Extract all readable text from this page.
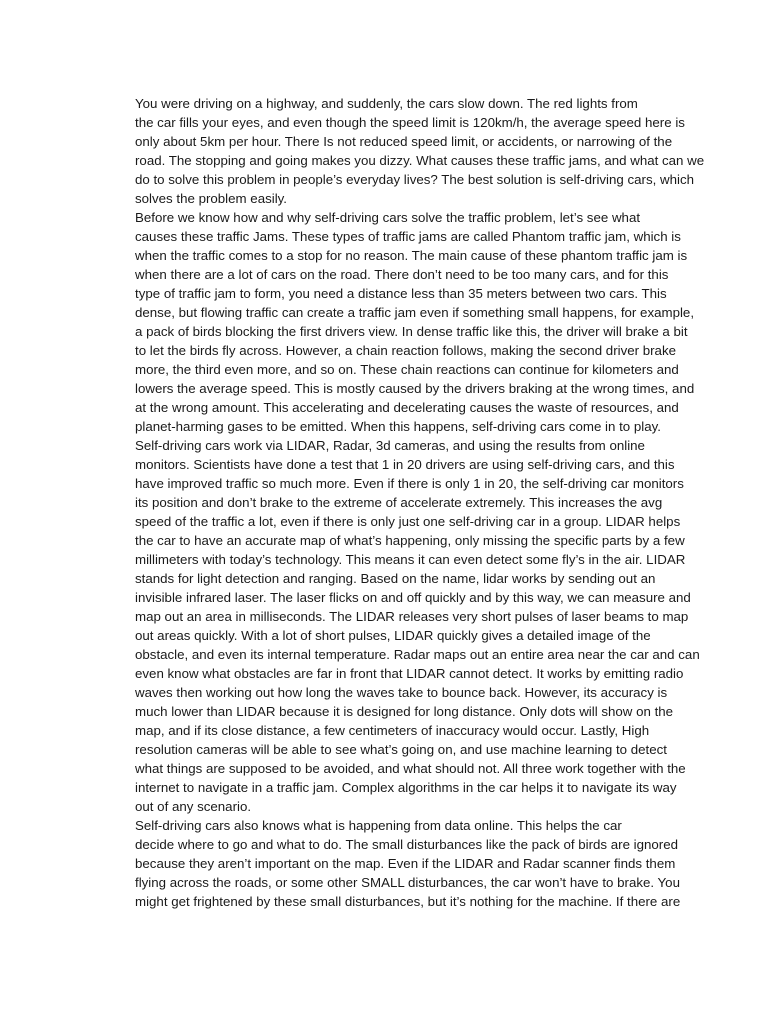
You were driving on a highway, and suddenly, the cars slow down. The red lights from
the car fills your eyes, and even though the speed limit is 120km/h, the average speed here is
only about 5km per hour. There Is not reduced speed limit, or accidents, or narrowing of the
road. The stopping and going makes you dizzy. What causes these traffic jams, and what can we
do to solve this problem in people’s everyday lives? The best solution is self-driving cars, which
solves the problem easily.

Before we know how and why self-driving cars solve the traffic problem, let’s see what
causes these traffic Jams. These types of traffic jams are called Phantom traffic jam, which is
when the traffic comes to a stop for no reason. The main cause of these phantom traffic jam is
when there are a lot of cars on the road. There don’t need to be too many cars, and for this
type of traffic jam to form, you need a distance less than 35 meters between two cars. This
dense, but flowing traffic can create a traffic jam even if something small happens, for example,
a pack of birds blocking the first drivers view. In dense traffic like this, the driver will brake a bit
to let the birds fly across. However, a chain reaction follows, making the second driver brake
more, the third even more, and so on. These chain reactions can continue for kilometers and
lowers the average speed. This is mostly caused by the drivers braking at the wrong times, and
at the wrong amount. This accelerating and decelerating causes the waste of resources, and
planet-harming gases to be emitted. When this happens, self-driving cars come in to play.

Self-driving cars work via LIDAR, Radar, 3d cameras, and using the results from online
monitors. Scientists have done a test that 1 in 20 drivers are using self-driving cars, and this
have improved traffic so much more. Even if there is only 1 in 20, the self-driving car monitors
its position and don’t brake to the extreme of accelerate extremely. This increases the avg
speed of the traffic a lot, even if there is only just one self-driving car in a group. LIDAR helps
the car to have an accurate map of what’s happening, only missing the specific parts by a few
millimeters with today’s technology. This means it can even detect some fly’s in the air. LIDAR
stands for light detection and ranging. Based on the name, lidar works by sending out an
invisible infrared laser. The laser flicks on and off quickly and by this way, we can measure and
map out an area in milliseconds. The LIDAR releases very short pulses of laser beams to map
out areas quickly. With a lot of short pulses, LIDAR quickly gives a detailed image of the
obstacle, and even its internal temperature. Radar maps out an entire area near the car and can
even know what obstacles are far in front that LIDAR cannot detect. It works by emitting radio
waves then working out how long the waves take to bounce back. However, its accuracy is
much lower than LIDAR because it is designed for long distance. Only dots will show on the
map, and if its close distance, a few centimeters of inaccuracy would occur. Lastly, High
resolution cameras will be able to see what’s going on, and use machine learning to detect
what things are supposed to be avoided, and what should not. All three work together with the
internet to navigate in a traffic jam. Complex algorithms in the car helps it to navigate its way
out of any scenario.

Self-driving cars also knows what is happening from data online. This helps the car
decide where to go and what to do. The small disturbances like the pack of birds are ignored
because they aren’t important on the map. Even if the LIDAR and Radar scanner finds them
flying across the roads, or some other SMALL disturbances, the car won’t have to brake. You
might get frightened by these small disturbances, but it’s nothing for the machine. If there are
